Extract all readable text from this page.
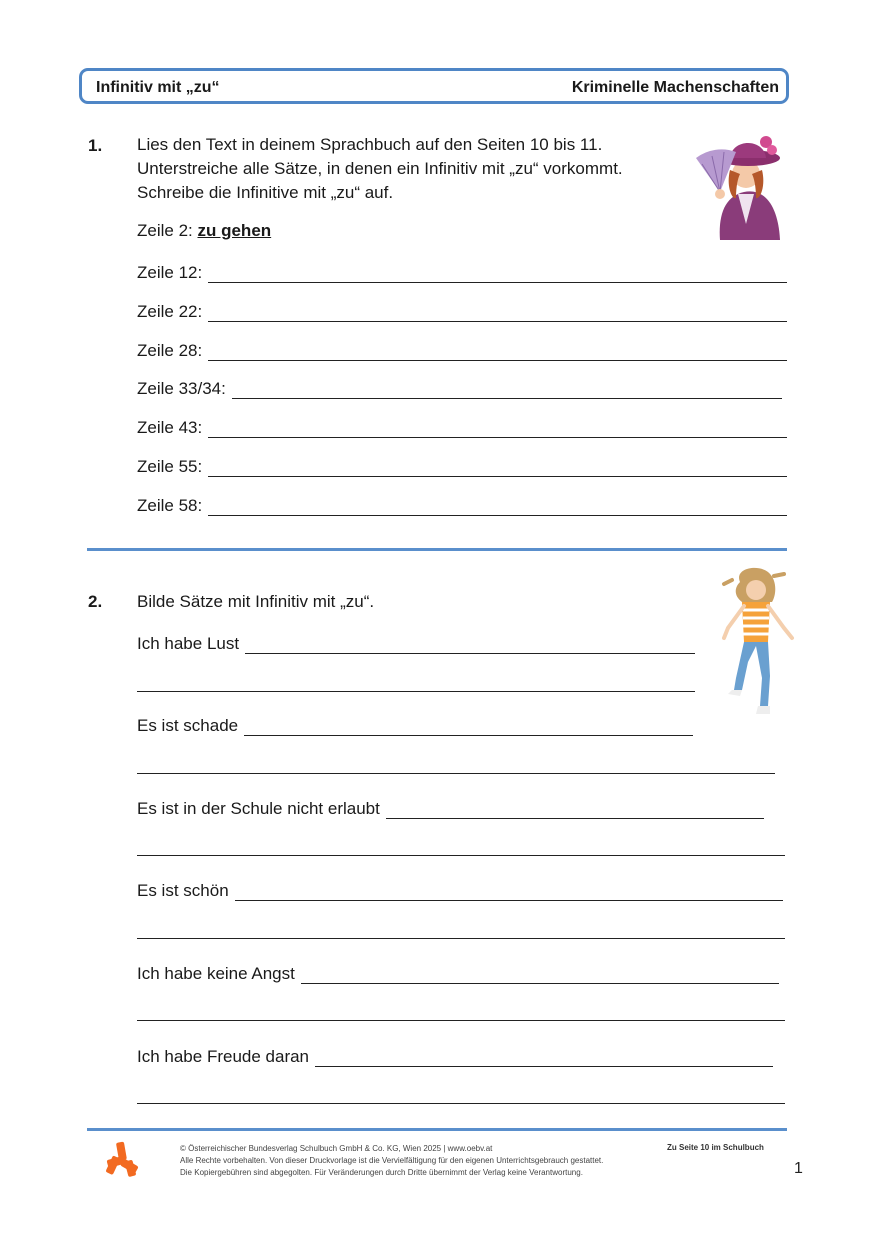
Infinitiv mit „zu“	Kriminelle Machenschaften
1. Lies den Text in deinem Sprachbuch auf den Seiten 10 bis 11.
Unterstreiche alle Sätze, in denen ein Infinitiv mit „zu“ vorkommt.
Schreibe die Infinitive mit „zu“ auf.
Zeile 2: zu gehen
Zeile 12:
Zeile 22:
Zeile 28:
Zeile 33/34:
Zeile 43:
Zeile 55:
Zeile 58:
2. Bilde Sätze mit Infinitiv mit „zu“.
Ich habe Lust
Es ist schade
Es ist in der Schule nicht erlaubt
Es ist schön
Ich habe keine Angst
Ich habe Freude daran
© Österreichischer Bundesverlag Schulbuch GmbH & Co. KG, Wien 2025 | www.oebv.at
Alle Rechte vorbehalten. Von dieser Druckvorlage ist die Vervielfältigung für den eigenen Unterrichtsgebrauch gestattet.
Die Kopiergebühren sind abgegolten. Für Veränderungen durch Dritte übernimmt der Verlag keine Verantwortung.
Zu Seite 10 im Schulbuch
1
